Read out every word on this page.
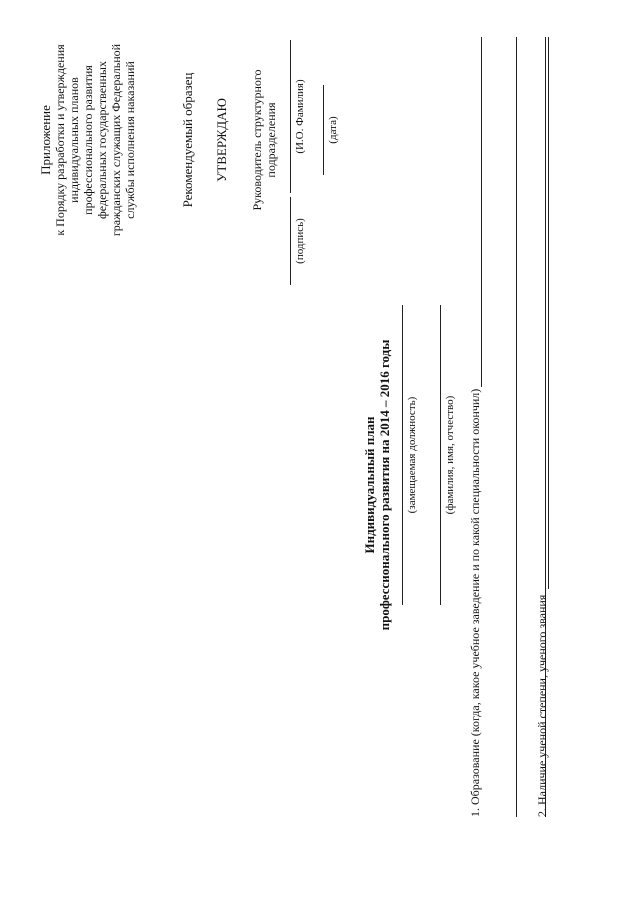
Приложение к Порядку разработки и утверждения индивидуальных планов профессионального развития федеральных государственных гражданских служащих Федеральной службы исполнения наказаний	Рекомендуемый образец УТВЕРЖДАЮ Руководитель структурного подразделения
(подпись)
(И.О. Фамилия) (дата)
Индивидуальный план профессионального развития на 2014 – 2016 годы (замещаемая должность) (фамилия, имя, отчество) 1. Образование (когда, какое учебное заведение и по какой специальности окончил)	2. Наличие ученой степени, ученого звания
